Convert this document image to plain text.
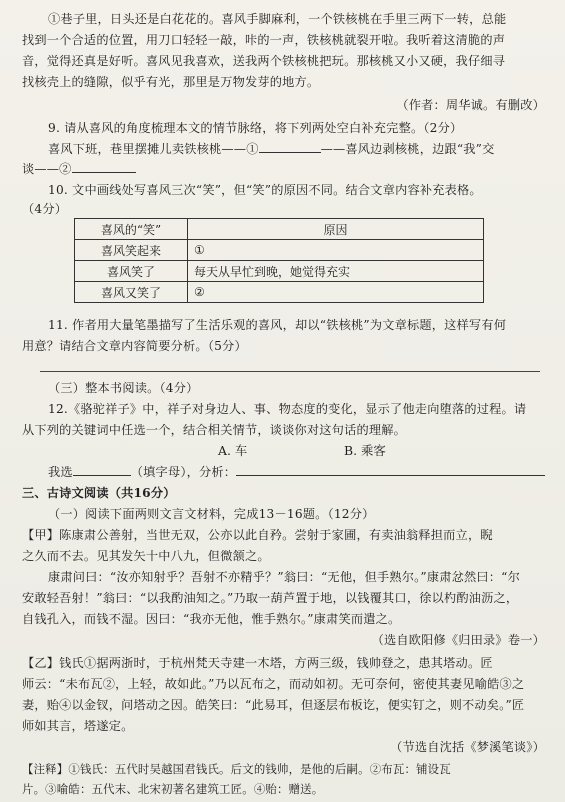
①巷子里，日头还是白花花的。喜风手脚麻利，一个铁核桃在手里三两下一转，总能
找到一个合适的位置，用刀口轻轻一敲，咔的一声，铁核桃就裂开啦。我听着这清脆的声
音，觉得还真是好听。喜风见我喜欢，送我两个铁核桃把玩。那核桃又小又硬，我仔细寻
找核壳上的缝隙，似乎有光，那里是万物发芽的地方。
（作者：周华诚。有删改）
9. 请从喜风的角度梳理本文的情节脉络，将下列两处空白补充完整。（2分）
喜风下班，巷里摆摊儿卖铁核桃——①	——喜风边剥核桃，边跟“我”交
谈——②
10. 文中画线处写喜风三次“笑”，但“笑”的原因不同。结合文章内容补充表格。
（4分）
喜风的“笑”	原因
喜风笑起来	①
喜风笑了	每天从早忙到晚，她觉得充实
喜风又笑了	②
11. 作者用大量笔墨描写了生活乐观的喜风，却以“铁核桃”为文章标题，这样写有何
用意？请结合文章内容简要分析。（5分）
（三）整本书阅读。（4分）
12.《骆驼祥子》中，祥子对身边人、事、物态度的变化，显示了他走向堕落的过程。请
从下列的关键词中任选一个，结合相关情节，谈谈你对这句话的理解。
A. 车	B. 乘客
我选	（填字母），分析：
三、古诗文阅读（共16分）
（一）阅读下面两则文言文材料，完成13－16题。（12分）
【甲】陈康肃公善射，当世无双，公亦以此自矜。尝射于家圃，有卖油翁释担而立，睨
之久而不去。见其发矢十中八九，但微颔之。
康肃问曰：“汝亦知射乎？吾射不亦精乎？”翁曰：“无他，但手熟尔。”康肃忿然曰：“尔
安敢轻吾射！”翁曰：“以我酌油知之。”乃取一葫芦置于地，以钱覆其口，徐以杓酌油沥之，
自钱孔入，而钱不湿。因曰：“我亦无他，惟手熟尔。”康肃笑而遣之。
（选自欧阳修《归田录》卷一）
【乙】钱氏①据两浙时，于杭州梵天寺建一木塔，方两三级，钱帅登之，患其塔动。匠
师云：“未布瓦②，上轻，故如此。”乃以瓦布之，而动如初。无可奈何，密使其妻见喻皓③之
妻，贻④以金钗，问塔动之因。皓笑曰：“此易耳，但逐层布板讫，便实钉之，则不动矣。”匠
师如其言，塔遂定。
（节选自沈括《梦溪笔谈》）
【注释】①钱氏：五代时吴越国君钱氏。后文的钱帅，是他的后嗣。②布瓦：铺设瓦
片。③喻皓：五代末、北宋初著名建筑工匠。④贻：赠送。
